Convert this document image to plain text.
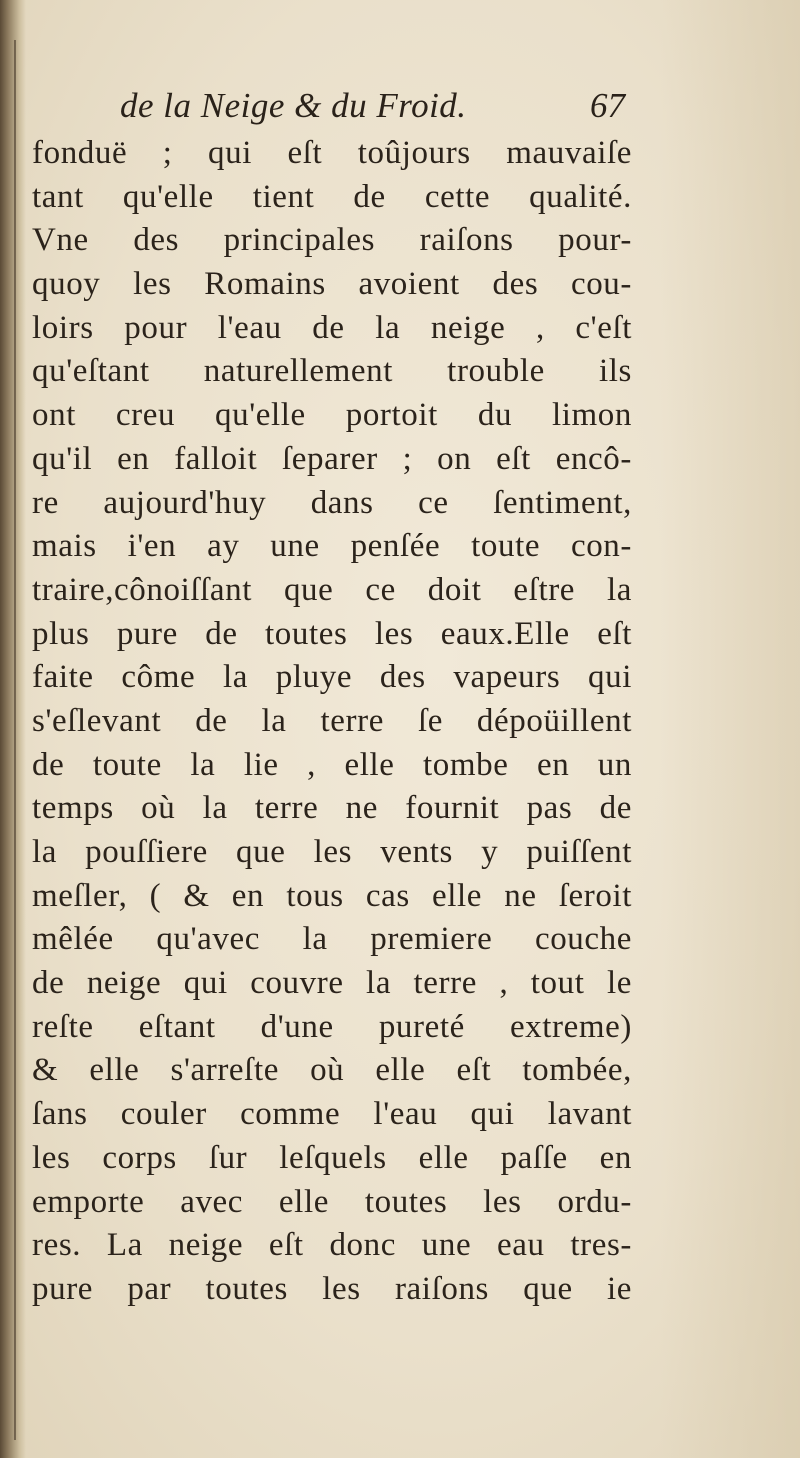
de la Neige & du Froid.	67
fonduë ; qui eſt toûjours mauvaiſe
tant qu'elle tient de cette qualité.
Vne des principales raiſons pour-
quoy les Romains avoient des cou-
loirs pour l'eau de la neige , c'eſt
qu'eſtant naturellement trouble ils
ont creu qu'elle portoit du limon
qu'il en falloit ſeparer ; on eſt encô-
re aujourd'huy dans ce ſentiment,
mais i'en ay une penſée toute con-
traire,cônoiſſant que ce doit eſtre la
plus pure de toutes les eaux.Elle eſt
faite côme la pluye des vapeurs qui
s'eſlevant de la terre ſe dépoüillent
de toute la lie , elle tombe en un
temps où la terre ne fournit pas de
la pouſſiere que les vents y puiſſent
meſler, ( & en tous cas elle ne ſeroit
mêlée qu'avec la premiere couche
de neige qui couvre la terre , tout le
reſte eſtant d'une pureté extreme)
& elle s'arreſte où elle eſt tombée,
ſans couler comme l'eau qui lavant
les corps ſur leſquels elle paſſe en
emporte avec elle toutes les ordu-
res. La neige eſt donc une eau tres-
pure par toutes les raiſons que ie
